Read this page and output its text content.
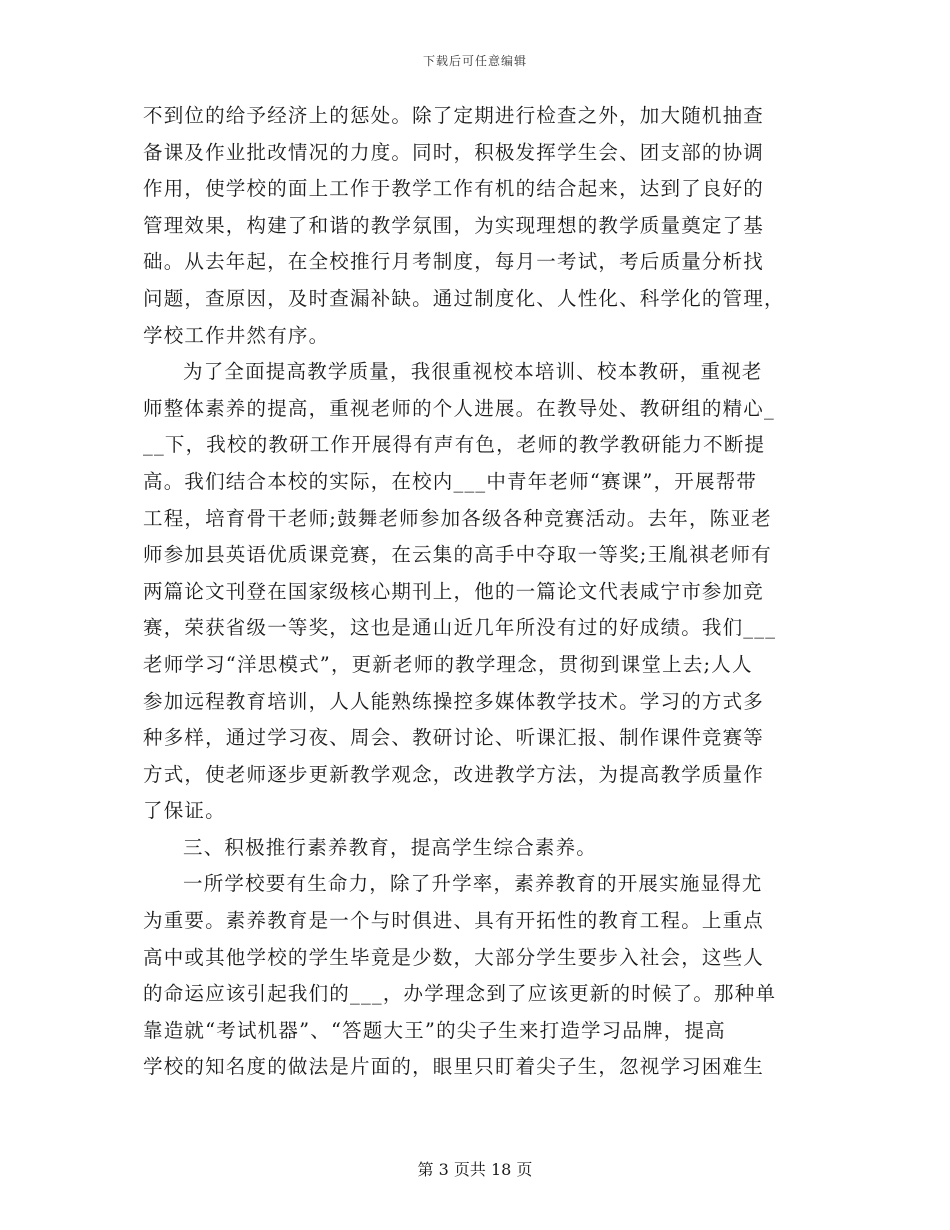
下载后可任意编辑
不到位的给予经济上的惩处。除了定期进行检查之外，加大随机抽查
备课及作业批改情况的力度。同时，积极发挥学生会、团支部的协调
作用，使学校的面上工作于教学工作有机的结合起来，达到了良好的
管理效果，构建了和谐的教学氛围，为实现理想的教学质量奠定了基
础。从去年起，在全校推行月考制度，每月一考试，考后质量分析找
问题，查原因，及时查漏补缺。通过制度化、人性化、科学化的管理，
学校工作井然有序。
为了全面提高教学质量，我很重视校本培训、校本教研，重视老
师整体素养的提高，重视老师的个人进展。在教导处、教研组的精心_
__下，我校的教研工作开展得有声有色，老师的教学教研能力不断提
高。我们结合本校的实际，在校内___中青年老师“赛课”，开展帮带
工程，培育骨干老师;鼓舞老师参加各级各种竞赛活动。去年，陈亚老
师参加县英语优质课竞赛，在云集的高手中夺取一等奖;王胤祺老师有
两篇论文刊登在国家级核心期刊上，他的一篇论文代表咸宁市参加竞
赛，荣获省级一等奖，这也是通山近几年所没有过的好成绩。我们___
老师学习“洋思模式”，更新老师的教学理念，贯彻到课堂上去;人人
参加远程教育培训，人人能熟练操控多媒体教学技术。学习的方式多
种多样，通过学习夜、周会、教研讨论、听课汇报、制作课件竞赛等
方式，使老师逐步更新教学观念，改进教学方法，为提高教学质量作
了保证。
三、积极推行素养教育，提高学生综合素养。
一所学校要有生命力，除了升学率，素养教育的开展实施显得尤
为重要。素养教育是一个与时俱进、具有开拓性的教育工程。上重点
高中或其他学校的学生毕竟是少数，大部分学生要步入社会，这些人
的命运应该引起我们的___，办学理念到了应该更新的时候了。那种单
靠造就“考试机器”、“答题大王”的尖子生来打造学习品牌，提高
学校的知名度的做法是片面的，眼里只盯着尖子生，忽视学习困难生
第 3 页共 18 页
